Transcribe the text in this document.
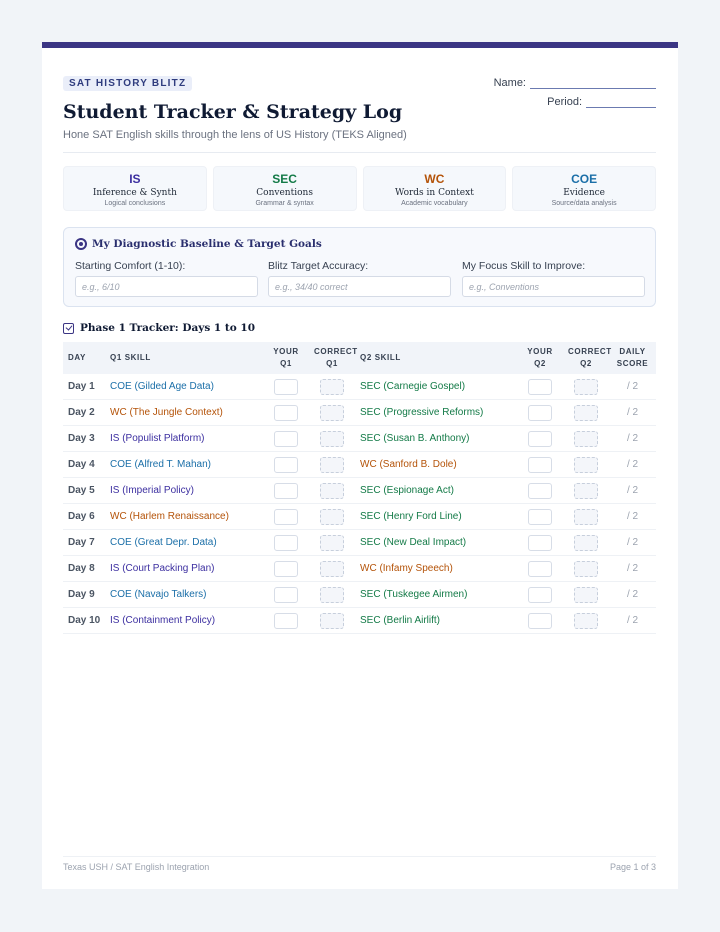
SAT HISTORY BLITZ
Student Tracker & Strategy Log
Hone SAT English skills through the lens of US History (TEKS Aligned)
Name:
Period:
IS
Inference & Synth
Logical conclusions
SEC
Conventions
Grammar & syntax
WC
Words in Context
Academic vocabulary
COE
Evidence
Source/data analysis
My Diagnostic Baseline & Target Goals
Starting Comfort (1-10):
e.g., 6/10	Blitz Target Accuracy:
e.g., 34/40 correct	My Focus Skill to Improve:
e.g., Conventions
Phase 1 Tracker: Days 1 to 10
DAY	Q1 SKILL	YOUR Q1	CORRECT Q1	Q2 SKILL	YOUR Q2	CORRECT Q2	DAILY SCORE
Day 1	COE (Gilded Age Data)			SEC (Carnegie Gospel)			/ 2
Day 2	WC (The Jungle Context)			SEC (Progressive Reforms)			/ 2
Day 3	IS (Populist Platform)			SEC (Susan B. Anthony)			/ 2
Day 4	COE (Alfred T. Mahan)			WC (Sanford B. Dole)			/ 2
Day 5	IS (Imperial Policy)			SEC (Espionage Act)			/ 2
Day 6	WC (Harlem Renaissance)			SEC (Henry Ford Line)			/ 2
Day 7	COE (Great Depr. Data)			SEC (New Deal Impact)			/ 2
Day 8	IS (Court Packing Plan)			WC (Infamy Speech)			/ 2
Day 9	COE (Navajo Talkers)			SEC (Tuskegee Airmen)			/ 2
Day 10	IS (Containment Policy)			SEC (Berlin Airlift)			/ 2
Texas USH / SAT English Integration	Page 1 of 3
